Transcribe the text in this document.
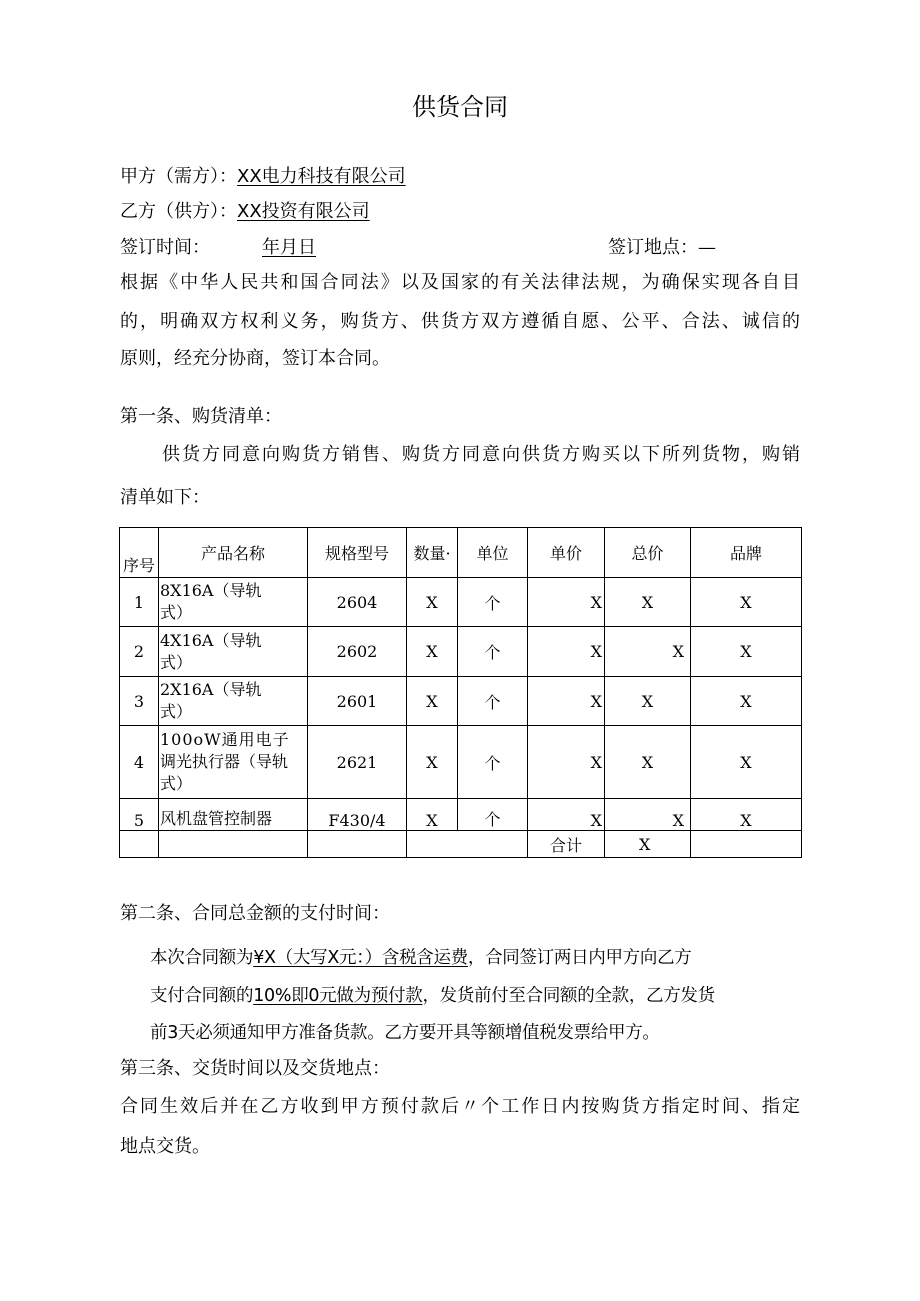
供货合同
甲方（需方）：XX电力科技有限公司
乙方（供方）：XX投资有限公司
签订时间：	年月日	签订地点：—
根据《中华人民共和国合同法》以及国家的有关法律法规，为确保实现各自目
的，明确双方权利义务，购货方、供货方双方遵循自愿、公平、合法、诚信的
原则，经充分协商，签订本合同。
第一条、购货清单：
供货方同意向购货方销售、购货方同意向供货方购买以下所列货物，购销
清单如下：
序号	产品名称	规格型号	数量·	单位	单价	总价	品牌
1	8X16A（导轨
式）	2604	X	个	X	X	X
2	4X16A（导轨
式）	2602	X	个	X	X	X
3	2X16A（导轨
式）	2601	X	个	X	X	X
4	100oW通用电子
调光执行器（导轨
式）	2621	X	个	X	X	X
5	风机盘管控制器	F430/4	X	个	X	X	X
					合计	X	
第二条、合同总金额的支付时间：
本次合同额为¥X（大写X元：）含税含运费，合同签订两日内甲方向乙方
支付合同额的10%即0元做为预付款，发货前付至合同额的全款，乙方发货
前3天必须通知甲方准备货款。乙方要开具等额增值税发票给甲方。
第三条、交货时间以及交货地点：
合同生效后并在乙方收到甲方预付款后〃个工作日内按购货方指定时间、指定
地点交货。
